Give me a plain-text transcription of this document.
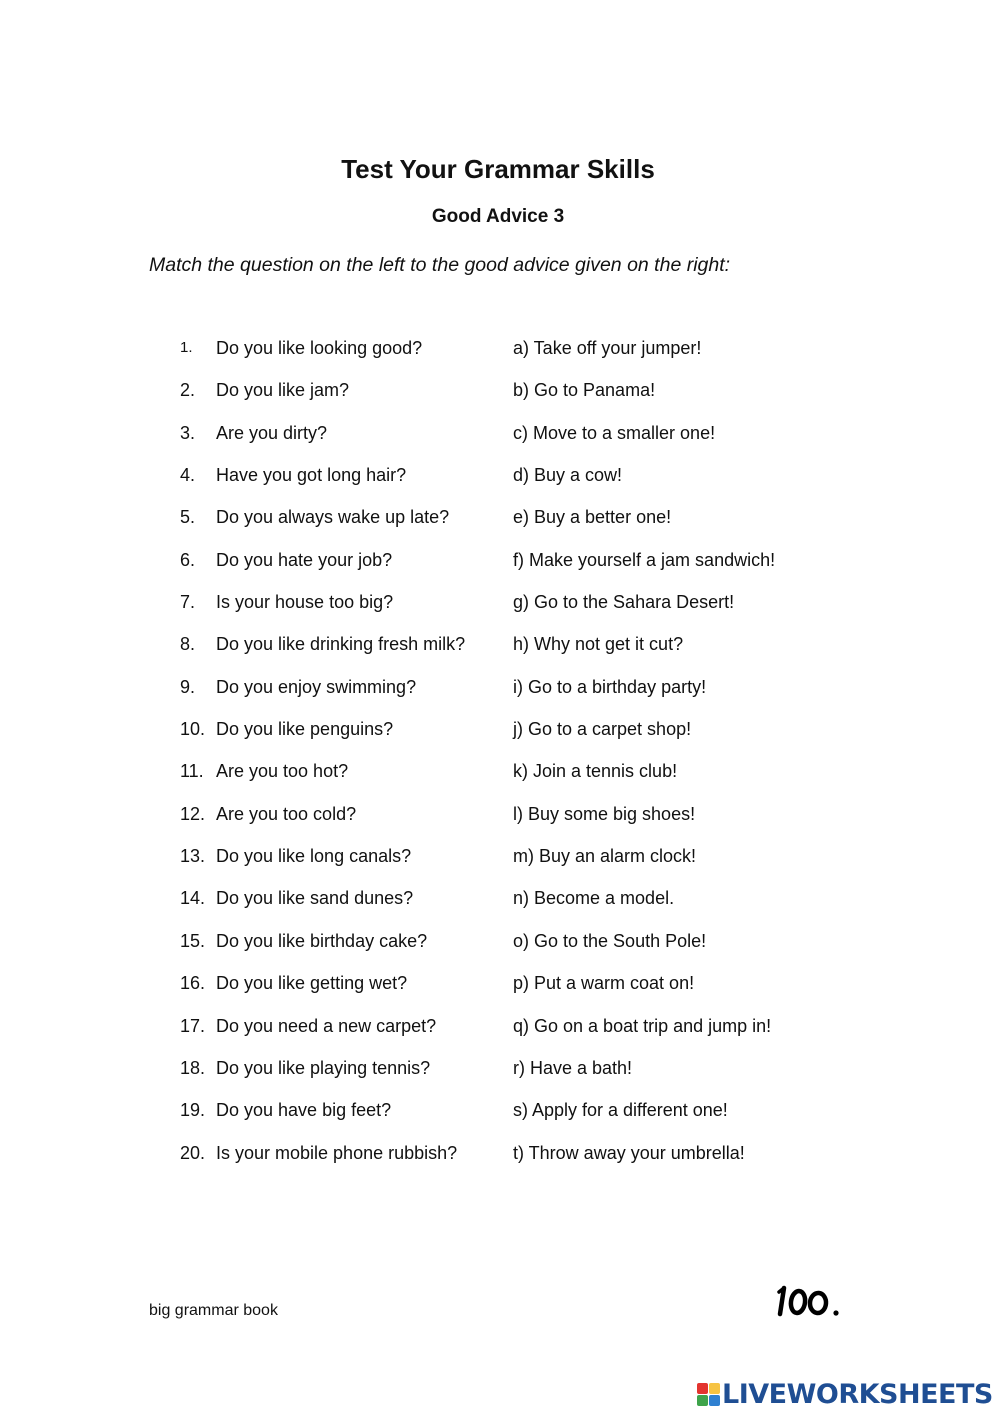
Test Your Grammar Skills
Good Advice 3
Match the question on the left to the good advice given on the right:
1. Do you like looking good?	a) Take off your jumper!
2. Do you like jam?	b) Go to Panama!
3. Are you dirty?	c) Move to a smaller one!
4. Have you got long hair?	d) Buy a cow!
5. Do you always wake up late?	e) Buy a better one!
6. Do you hate your job?	f) Make yourself a jam sandwich!
7. Is your house too big?	g) Go to the Sahara Desert!
8. Do you like drinking fresh milk?	h) Why not get it cut?
9. Do you enjoy swimming?	i) Go to a birthday party!
10. Do you like penguins?	j) Go to a carpet shop!
11. Are you too hot?	k) Join a tennis club!
12. Are you too cold?	l) Buy some big shoes!
13. Do you like long canals?	m) Buy an alarm clock!
14. Do you like sand dunes?	n) Become a model.
15. Do you like birthday cake?	o) Go to the South Pole!
16. Do you like getting wet?	p) Put a warm coat on!
17. Do you need a new carpet?	q) Go on a boat trip and jump in!
18. Do you like playing tennis?	r) Have a bath!
19. Do you have big feet?	s) Apply for a different one!
20. Is your mobile phone rubbish?	t) Throw away your umbrella!
big grammar book
LIVEWORKSHEETS
